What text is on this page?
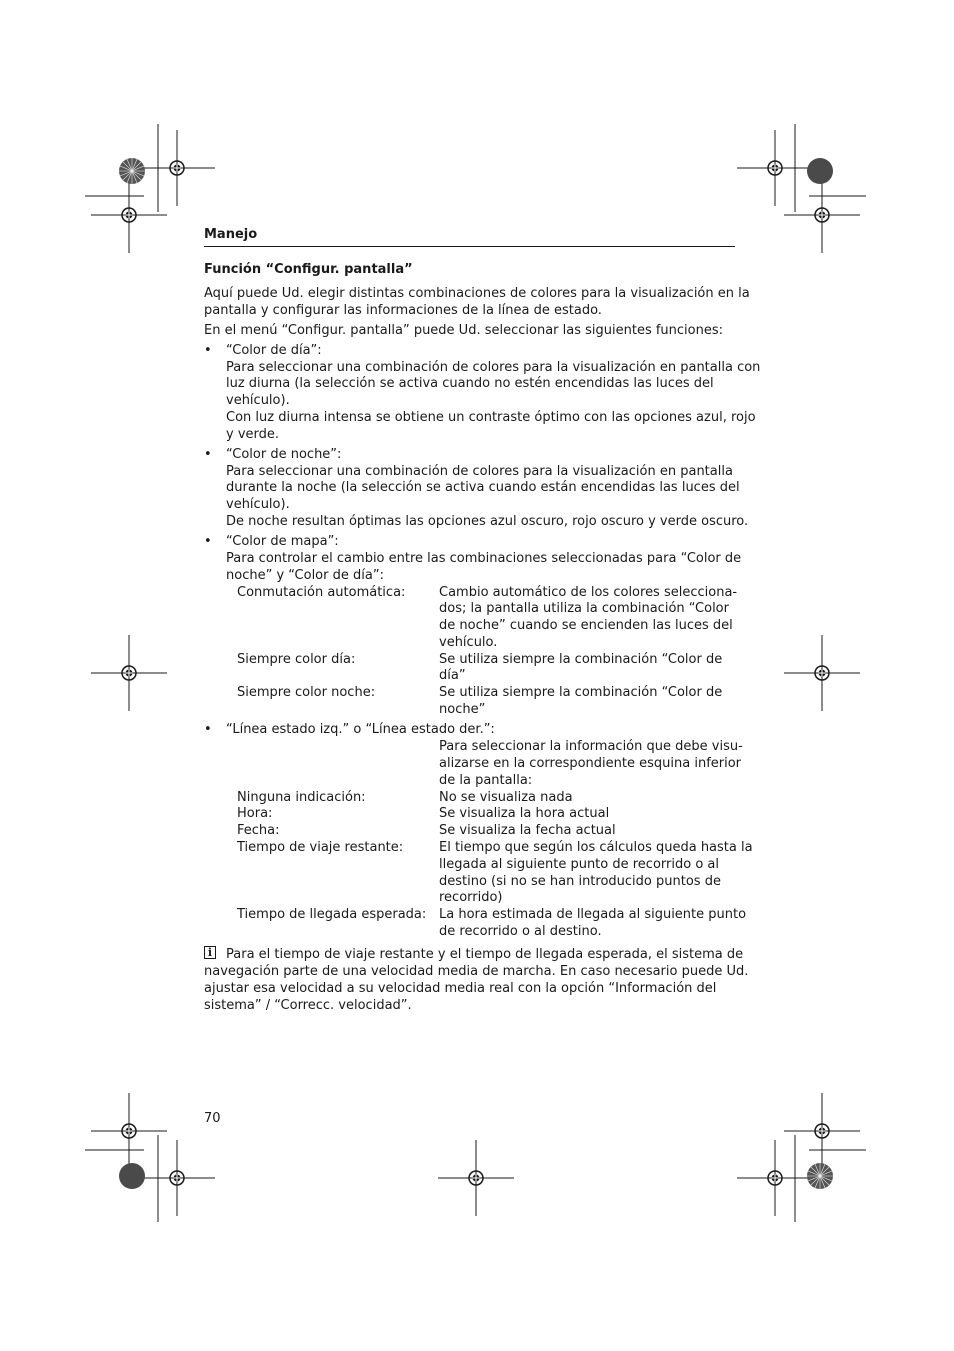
Manejo
Función “Configur. pantalla”
Aquí puede Ud. elegir distintas combinaciones de colores para la visualización en la
pantalla y configurar las informaciones de la línea de estado.
En el menú “Configur. pantalla” puede Ud. seleccionar las siguientes funciones:
• “Color de día”:
Para seleccionar una combinación de colores para la visualización en pantalla con
luz diurna (la selección se activa cuando no estén encendidas las luces del
vehículo).
Con luz diurna intensa se obtiene un contraste óptimo con las opciones azul, rojo
y verde.
• “Color de noche”:
Para seleccionar una combinación de colores para la visualización en pantalla
durante la noche (la selección se activa cuando están encendidas las luces del
vehículo).
De noche resultan óptimas las opciones azul oscuro, rojo oscuro y verde oscuro.
• “Color de mapa”:
Para controlar el cambio entre las combinaciones seleccionadas para “Color de
noche” y “Color de día”:
Conmutación automática:	Cambio automático de los colores selecciona-
dos; la pantalla utiliza la combinación “Color
de noche” cuando se encienden las luces del
vehículo.
Siempre color día:	Se utiliza siempre la combinación “Color de
día”
Siempre color noche:	Se utiliza siempre la combinación “Color de
noche”
• “Línea estado izq.” o “Línea estado der.”:
Para seleccionar la información que debe visu-
alizarse en la correspondiente esquina inferior
de la pantalla:
Ninguna indicación:	No se visualiza nada
Hora:	Se visualiza la hora actual
Fecha:	Se visualiza la fecha actual
Tiempo de viaje restante:	El tiempo que según los cálculos queda hasta la
llegada al siguiente punto de recorrido o al
destino (si no se han introducido puntos de
recorrido)
Tiempo de llegada esperada: La hora estimada de llegada al siguiente punto
de recorrido o al destino.
i	Para el tiempo de viaje restante y el tiempo de llegada esperada, el sistema de
navegación parte de una velocidad media de marcha. En caso necesario puede Ud.
ajustar esa velocidad a su velocidad media real con la opción “Información del
sistema” / “Correcc. velocidad”.
70
